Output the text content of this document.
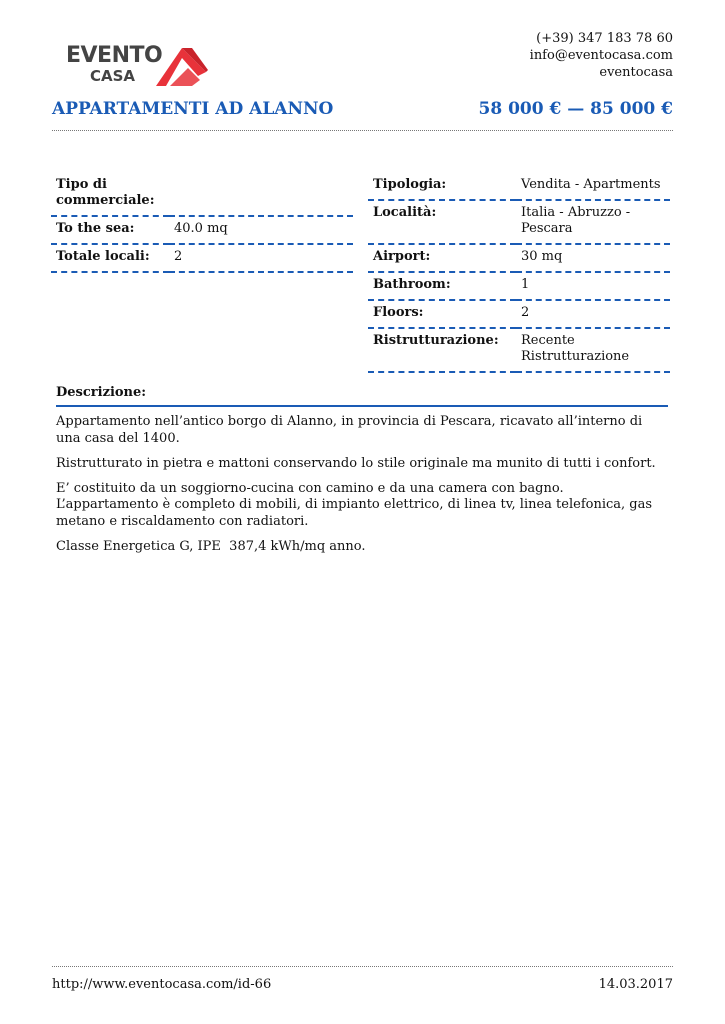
EVENTO
CASA
(+39) 347 183 78 60
info@eventocasa.com
eventocasa
APPARTAMENTI AD ALANNO	58 000 € — 85 000 €
Tipo di commerciale:	
To the sea:	40.0 mq
Totale locali:	2
Tipologia:	Vendita - Apartments
Località:	Italia - Abruzzo - Pescara
Airport:	30 mq
Bathroom:	1
Floors:	2
Ristrutturazione:	Recente Ristrutturazione
Descrizione:

Appartamento nell’antico borgo di Alanno, in provincia di Pescara, ricavato all’interno di una casa del 1400.

Ristrutturato in pietra e mattoni conservando lo stile originale ma munito di tutti i confort.

E’ costituito da un soggiorno-cucina con camino e da una camera con bagno. L’appartamento è completo di mobili, di impianto elettrico, di linea tv, linea telefonica, gas metano e riscaldamento con radiatori.

Classe Energetica G, IPE  387,4 kWh/mq anno.

http://www.eventocasa.com/id-66	14.03.2017
